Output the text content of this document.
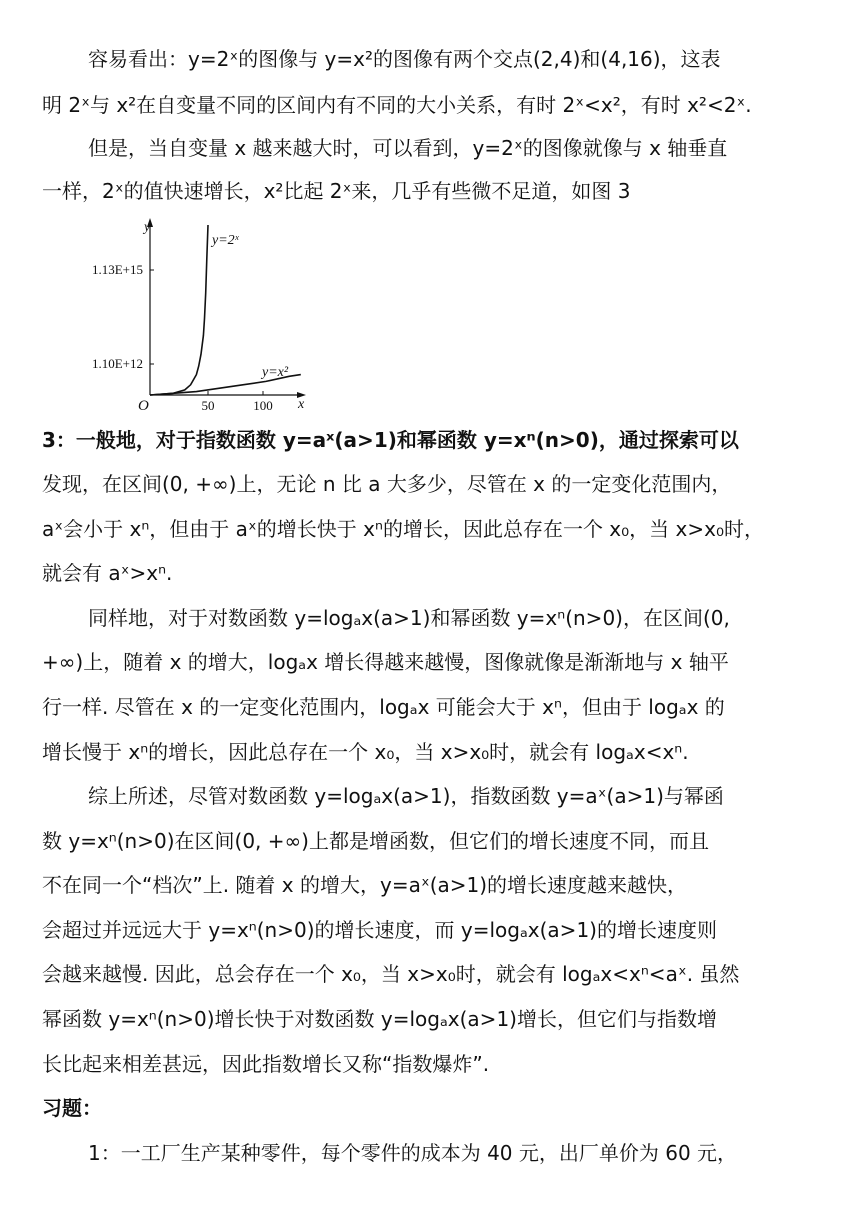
容易看出：y=2ˣ的图像与 y=x²的图像有两个交点(2,4)和(4,16)，这表
明 2ˣ与 x²在自变量不同的区间内有不同的大小关系，有时 2ˣ<x²，有时 x²<2ˣ.
但是，当自变量 x 越来越大时，可以看到，y=2ˣ的图像就像与 x 轴垂直
一样，2ˣ的值快速增长，x²比起 2ˣ来，几乎有些微不足道，如图 3
y
x
O
1.13E+15
1.10E+12
50	100
y=2ˣ
y=x²
3：一般地，对于指数函数 y=aˣ(a>1)和幂函数 y=xⁿ(n>0)，通过探索可以
发现，在区间(0, +∞)上，无论 n 比 a 大多少，尽管在 x 的一定变化范围内，
aˣ会小于 xⁿ，但由于 aˣ的增长快于 xⁿ的增长，因此总存在一个 x₀，当 x>x₀时，
就会有 aˣ>xⁿ.
同样地，对于对数函数 y=logₐx(a>1)和幂函数 y=xⁿ(n>0)，在区间(0,
+∞)上，随着 x 的增大，logₐx 增长得越来越慢，图像就像是渐渐地与 x 轴平
行一样. 尽管在 x 的一定变化范围内，logₐx 可能会大于 xⁿ，但由于 logₐx 的
增长慢于 xⁿ的增长，因此总存在一个 x₀，当 x>x₀时，就会有 logₐx<xⁿ.
综上所述，尽管对数函数 y=logₐx(a>1)，指数函数 y=aˣ(a>1)与幂函
数 y=xⁿ(n>0)在区间(0, +∞)上都是增函数，但它们的增长速度不同，而且
不在同一个“档次”上. 随着 x 的增大，y=aˣ(a>1)的增长速度越来越快，
会超过并远远大于 y=xⁿ(n>0)的增长速度，而 y=logₐx(a>1)的增长速度则
会越来越慢. 因此，总会存在一个 x₀，当 x>x₀时，就会有 logₐx<xⁿ<aˣ. 虽然
幂函数 y=xⁿ(n>0)增长快于对数函数 y=logₐx(a>1)增长，但它们与指数增
长比起来相差甚远，因此指数增长又称“指数爆炸”.
习题：
1：一工厂生产某种零件，每个零件的成本为 40 元，出厂单价为 60 元，
